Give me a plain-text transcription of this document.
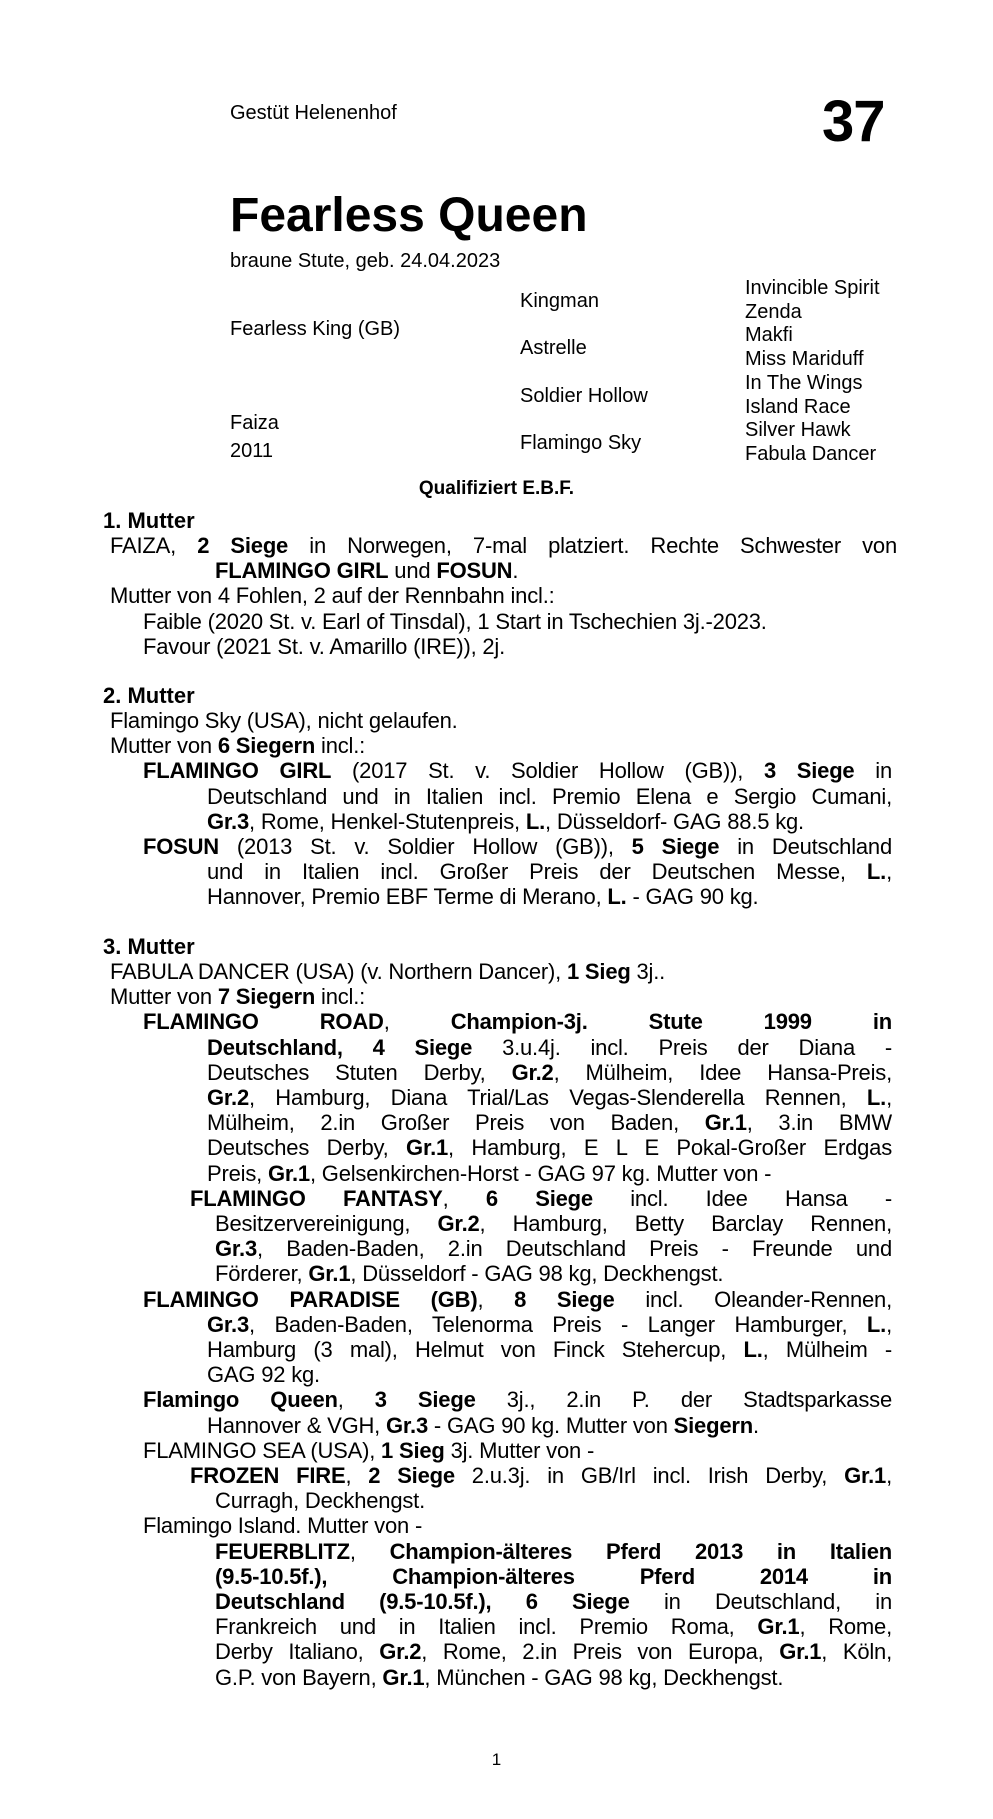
Gestüt Helenenhof	37
Fearless Queen
braune Stute, geb. 24.04.2023
Fearless King (GB)
Faiza
2011
Kingman
Astrelle
Soldier Hollow
Flamingo Sky
Invincible Spirit
Zenda
Makfi
Miss Mariduff
In The Wings
Island Race
Silver Hawk
Fabula Dancer
Qualifiziert E.B.F.
1. Mutter
FAIZA, 2 Siege in Norwegen, 7-mal platziert. Rechte Schwester von
FLAMINGO GIRL und FOSUN.
Mutter von 4 Fohlen, 2 auf der Rennbahn incl.:
Faible (2020 St. v. Earl of Tinsdal), 1 Start in Tschechien 3j.-2023.
Favour (2021 St. v. Amarillo (IRE)), 2j.
2. Mutter
Flamingo Sky (USA), nicht gelaufen.
Mutter von 6 Siegern incl.:
FLAMINGO GIRL (2017 St. v. Soldier Hollow (GB)), 3 Siege in
Deutschland und in Italien incl. Premio Elena e Sergio Cumani,
Gr.3, Rome, Henkel-Stutenpreis, L., Düsseldorf- GAG 88.5 kg.
FOSUN (2013 St. v. Soldier Hollow (GB)), 5 Siege in Deutschland
und in Italien incl. Großer Preis der Deutschen Messe, L.,
Hannover, Premio EBF Terme di Merano, L. - GAG 90 kg.
3. Mutter
FABULA DANCER (USA) (v. Northern Dancer), 1 Sieg 3j..
Mutter von 7 Siegern incl.:
FLAMINGO ROAD, Champion-3j. Stute 1999 in
Deutschland, 4 Siege 3.u.4j. incl. Preis der Diana -
Deutsches Stuten Derby, Gr.2, Mülheim, Idee Hansa-Preis,
Gr.2, Hamburg, Diana Trial/Las Vegas-Slenderella Rennen, L.,
Mülheim, 2.in Großer Preis von Baden, Gr.1, 3.in BMW
Deutsches Derby, Gr.1, Hamburg, E L E Pokal-Großer Erdgas
Preis, Gr.1, Gelsenkirchen-Horst - GAG 97 kg. Mutter von -
FLAMINGO FANTASY, 6 Siege incl. Idee Hansa -
Besitzervereinigung, Gr.2, Hamburg, Betty Barclay Rennen,
Gr.3, Baden-Baden, 2.in Deutschland Preis - Freunde und
Förderer, Gr.1, Düsseldorf - GAG 98 kg, Deckhengst.
FLAMINGO PARADISE (GB), 8 Siege incl. Oleander-Rennen,
Gr.3, Baden-Baden, Telenorma Preis - Langer Hamburger, L.,
Hamburg (3 mal), Helmut von Finck Stehercup, L., Mülheim -
GAG 92 kg.
Flamingo Queen, 3 Siege 3j., 2.in P. der Stadtsparkasse
Hannover & VGH, Gr.3 - GAG 90 kg. Mutter von Siegern.
FLAMINGO SEA (USA), 1 Sieg 3j. Mutter von -
FROZEN FIRE, 2 Siege 2.u.3j. in GB/Irl incl. Irish Derby, Gr.1,
Curragh, Deckhengst.
Flamingo Island. Mutter von -
FEUERBLITZ, Champion-älteres Pferd 2013 in Italien
(9.5-10.5f.), Champion-älteres Pferd 2014 in
Deutschland (9.5-10.5f.), 6 Siege in Deutschland, in
Frankreich und in Italien incl. Premio Roma, Gr.1, Rome,
Derby Italiano, Gr.2, Rome, 2.in Preis von Europa, Gr.1, Köln,
G.P. von Bayern, Gr.1, München - GAG 98 kg, Deckhengst.
1
